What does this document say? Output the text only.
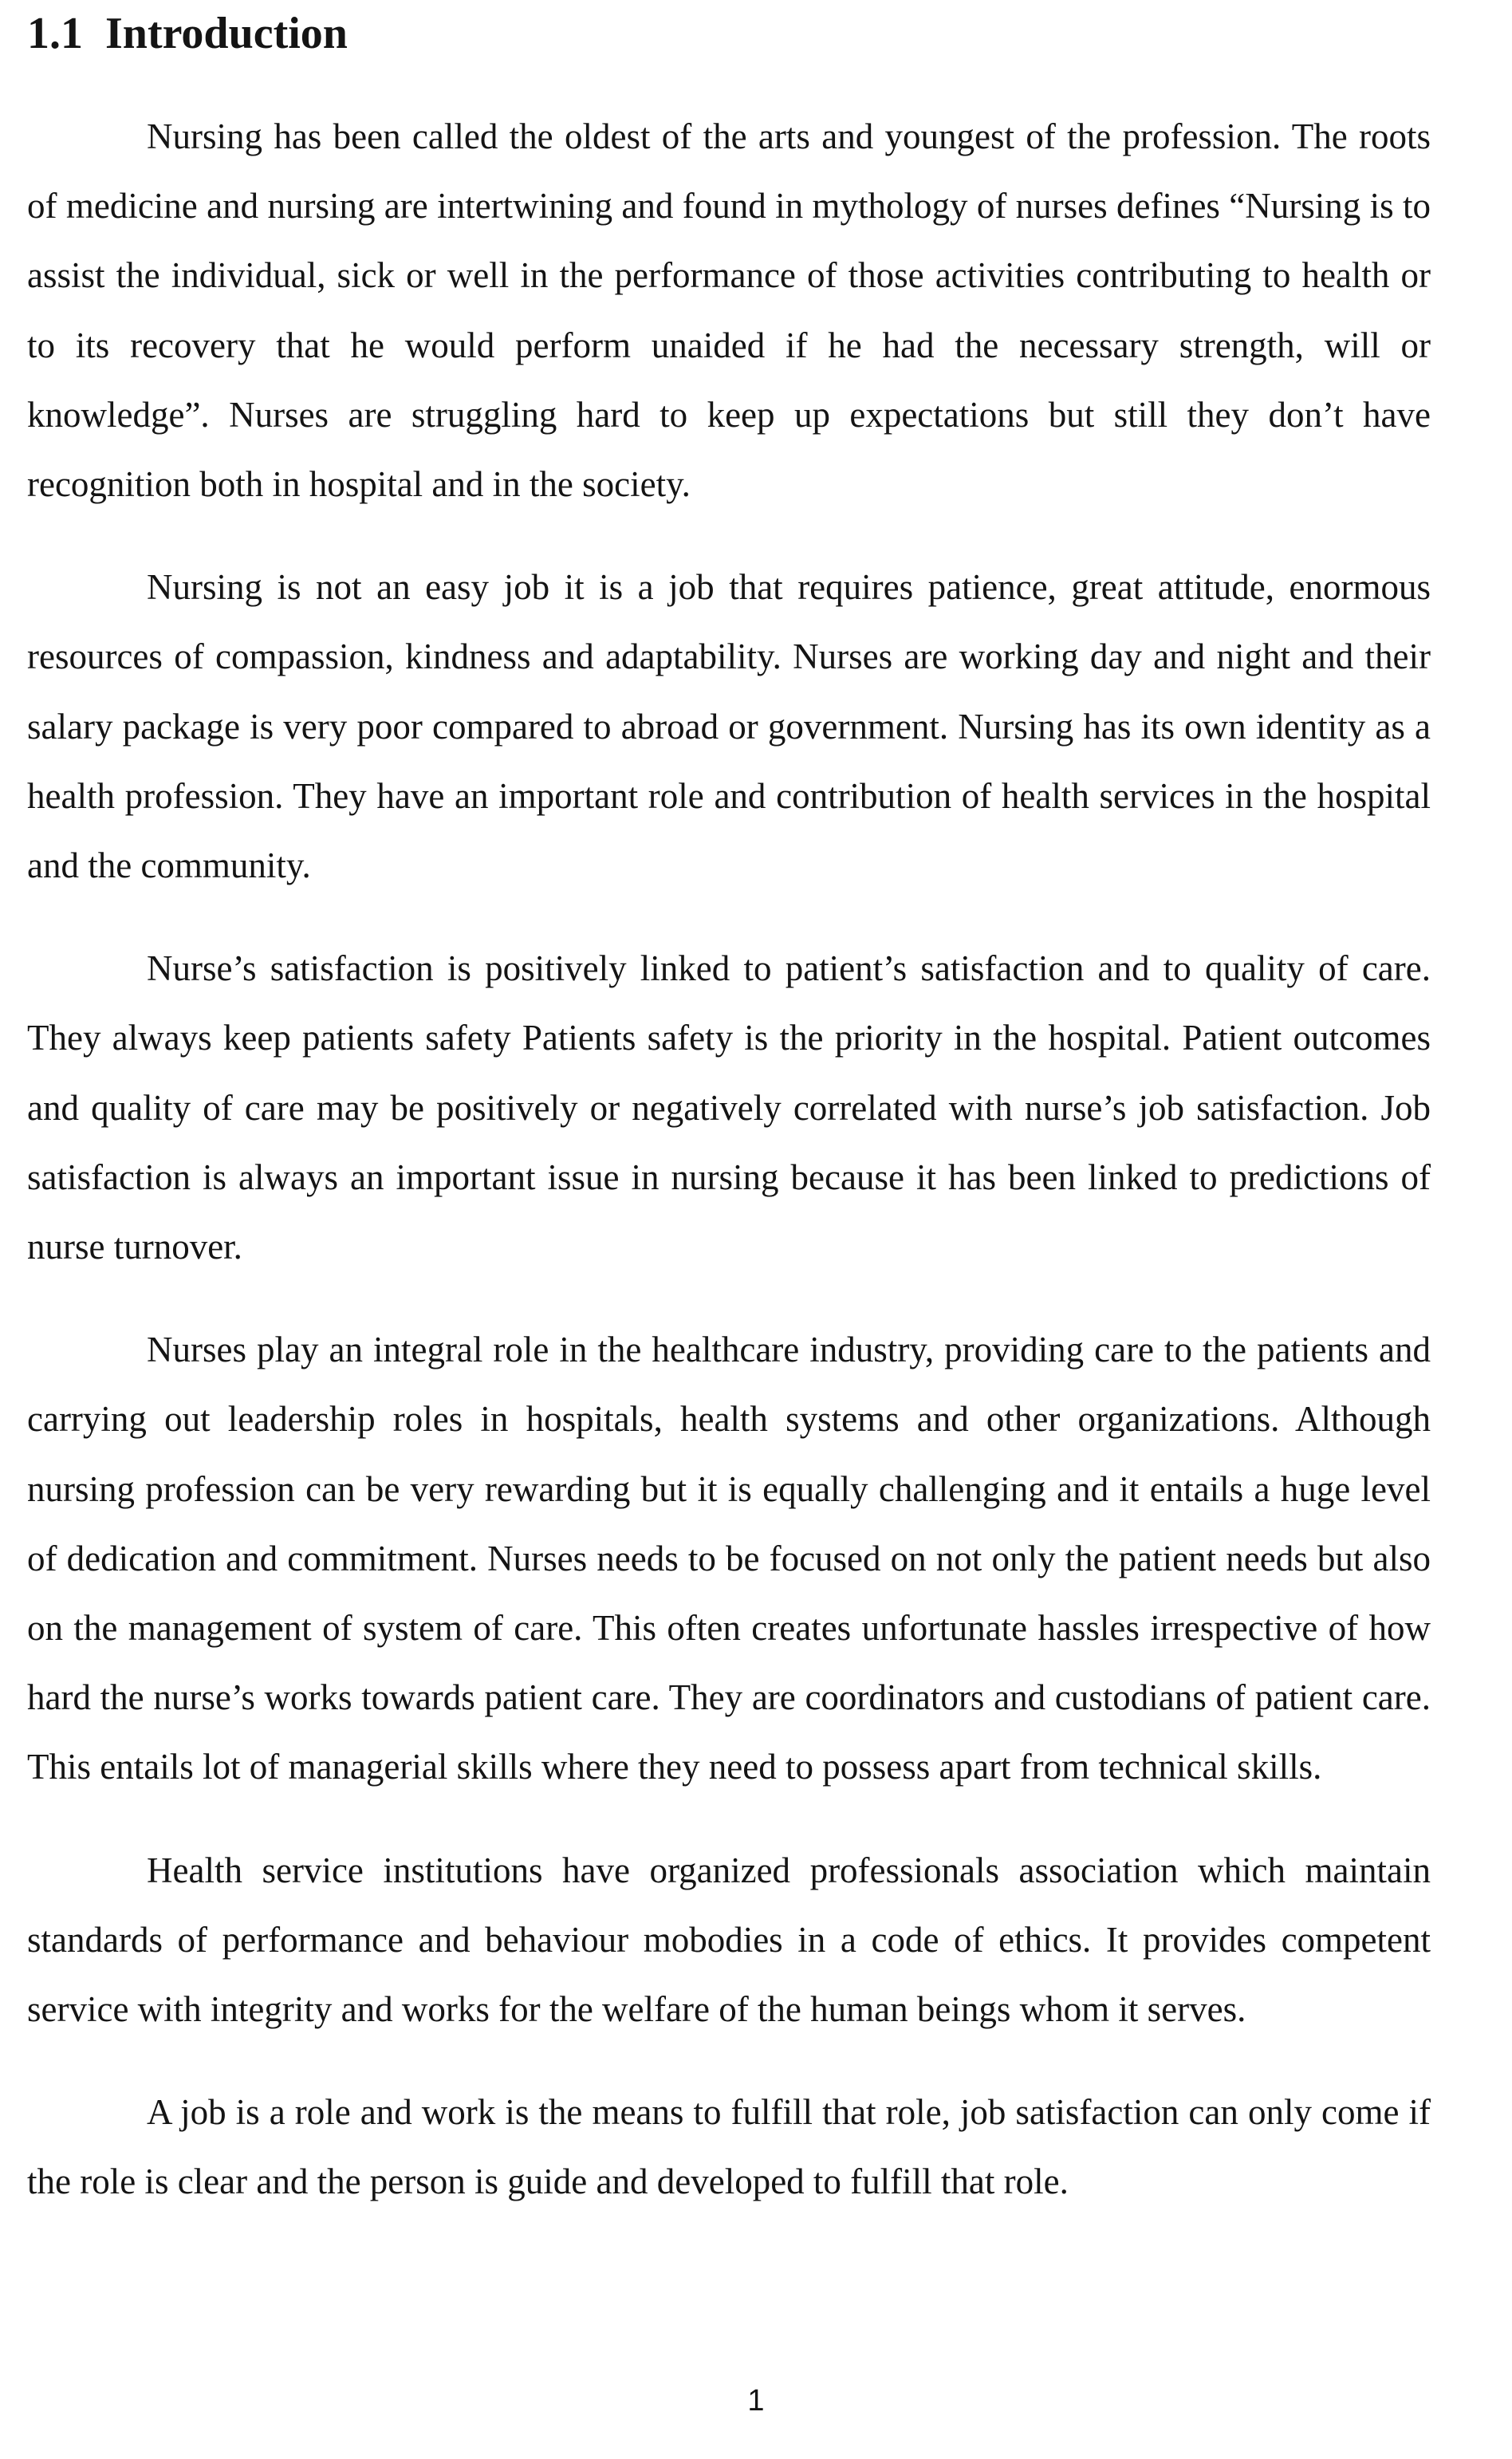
1.1 Introduction

Nursing has been called the oldest of the arts and youngest of the profession. The roots of medicine and nursing are intertwining and found in mythology of nurses defines “Nursing is to assist the individual, sick or well in the performance of those activities contributing to health or to its recovery that he would perform unaided if he had the necessary strength, will or knowledge”. Nurses are struggling hard to keep up expectations but still they don’t have recognition both in hospital and in the society.

Nursing is not an easy job it is a job that requires patience, great attitude, enormous resources of compassion, kindness and adaptability. Nurses are working day and night and their salary package is very poor compared to abroad or government. Nursing has its own identity as a health profession. They have an important role and contribution of health services in the hospital and the community.

Nurse’s satisfaction is positively linked to patient’s satisfaction and to quality of care. They always keep patients safety Patients safety is the priority in the hospital. Patient outcomes and quality of care may be positively or negatively correlated with nurse’s job satisfaction. Job satisfaction is always an important issue in nursing because it has been linked to predictions of nurse turnover.

Nurses play an integral role in the healthcare industry, providing care to the patients and carrying out leadership roles in hospitals, health systems and other organizations. Although nursing profession can be very rewarding but it is equally challenging and it entails a huge level of dedication and commitment. Nurses needs to be focused on not only the patient needs but also on the management of system of care. This often creates unfortunate hassles irrespective of how hard the nurse’s works towards patient care. They are coordinators and custodians of patient care. This entails lot of managerial skills where they need to possess apart from technical skills.

Health service institutions have organized professionals association which maintain standards of performance and behaviour mobodies in a code of ethics. It provides competent service with integrity and works for the welfare of the human beings whom it serves.

A job is a role and work is the means to fulfill that role, job satisfaction can only come if the role is clear and the person is guide and developed to fulfill that role.

1
